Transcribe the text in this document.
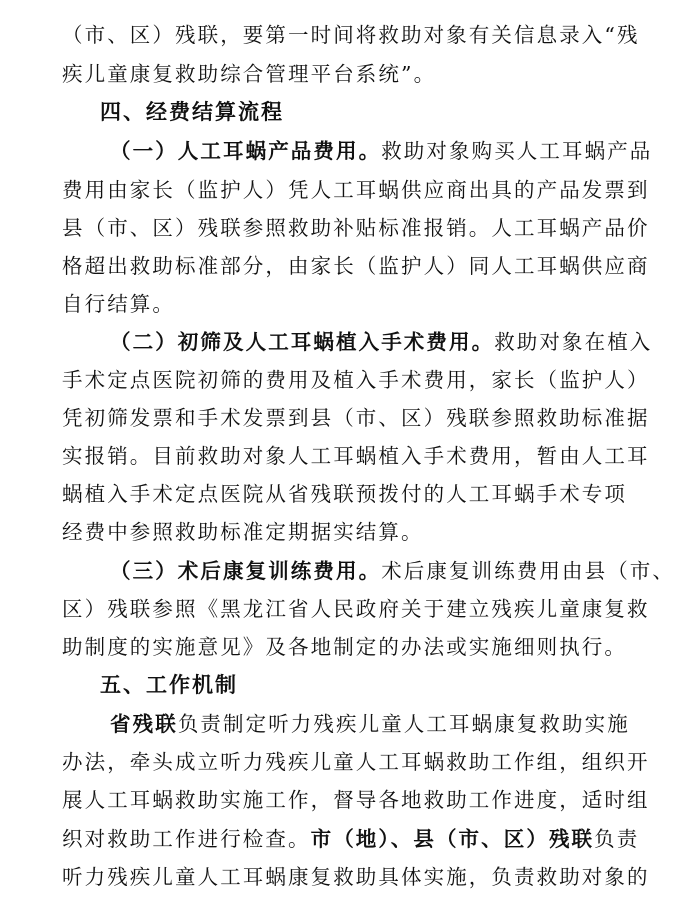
（市、区）残联，要第一时间将救助对象有关信息录入“残
疾儿童康复救助综合管理平台系统”。
四、经费结算流程
（一）人工耳蜗产品费用。救助对象购买人工耳蜗产品
费用由家长（监护人）凭人工耳蜗供应商出具的产品发票到
县（市、区）残联参照救助补贴标准报销。人工耳蜗产品价
格超出救助标准部分，由家长（监护人）同人工耳蜗供应商
自行结算。
（二）初筛及人工耳蜗植入手术费用。救助对象在植入
手术定点医院初筛的费用及植入手术费用，家长（监护人）
凭初筛发票和手术发票到县（市、区）残联参照救助标准据
实报销。目前救助对象人工耳蜗植入手术费用，暂由人工耳
蜗植入手术定点医院从省残联预拨付的人工耳蜗手术专项
经费中参照救助标准定期据实结算。
（三）术后康复训练费用。术后康复训练费用由县（市、
区）残联参照《黑龙江省人民政府关于建立残疾儿童康复救
助制度的实施意见》及各地制定的办法或实施细则执行。
五、工作机制
省残联负责制定听力残疾儿童人工耳蜗康复救助实施
办法，牵头成立听力残疾儿童人工耳蜗救助工作组，组织开
展人工耳蜗救助实施工作，督导各地救助工作进度，适时组
织对救助工作进行检查。市（地）、县（市、区）残联负责
听力残疾儿童人工耳蜗康复救助具体实施，负责救助对象的
